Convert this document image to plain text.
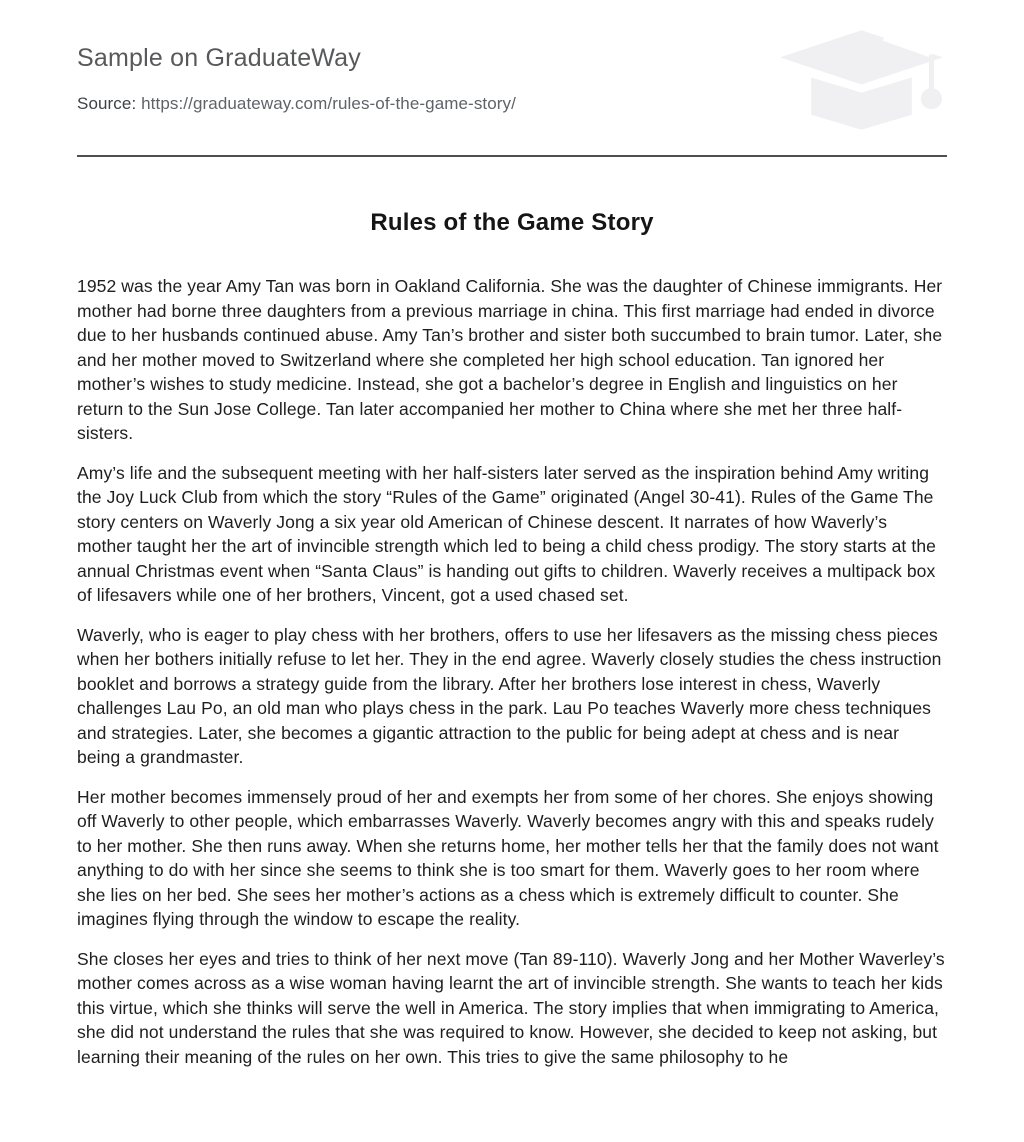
Sample on GraduateWay
Source: https://graduateway.com/rules-of-the-game-story/
Rules of the Game Story

1952 was the year Amy Tan was born in Oakland California. She was the daughter of Chinese immigrants. Her mother had borne three daughters from a previous marriage in china. This first marriage had ended in divorce due to her husbands continued abuse. Amy Tan’s brother and sister both succumbed to brain tumor. Later, she and her mother moved to Switzerland where she completed her high school education. Tan ignored her mother’s wishes to study medicine. Instead, she got a bachelor’s degree in English and linguistics on her return to the Sun Jose College. Tan later accompanied her mother to China where she met her three half-sisters.

Amy’s life and the subsequent meeting with her half-sisters later served as the inspiration behind Amy writing the Joy Luck Club from which the story “Rules of the Game” originated (Angel 30-41). Rules of the Game The story centers on Waverly Jong a six year old American of Chinese descent. It narrates of how Waverly’s mother taught her the art of invincible strength which led to being a child chess prodigy. The story starts at the annual Christmas event when “Santa Claus” is handing out gifts to children. Waverly receives a multipack box of lifesavers while one of her brothers, Vincent, got a used chased set.

Waverly, who is eager to play chess with her brothers, offers to use her lifesavers as the missing chess pieces when her bothers initially refuse to let her. They in the end agree. Waverly closely studies the chess instruction booklet and borrows a strategy guide from the library. After her brothers lose interest in chess, Waverly challenges Lau Po, an old man who plays chess in the park. Lau Po teaches Waverly more chess techniques and strategies. Later, she becomes a gigantic attraction to the public for being adept at chess and is near being a grandmaster.

Her mother becomes immensely proud of her and exempts her from some of her chores. She enjoys showing off Waverly to other people, which embarrasses Waverly. Waverly becomes angry with this and speaks rudely to her mother. She then runs away. When she returns home, her mother tells her that the family does not want anything to do with her since she seems to think she is too smart for them. Waverly goes to her room where she lies on her bed. She sees her mother’s actions as a chess which is extremely difficult to counter. She imagines flying through the window to escape the reality.

She closes her eyes and tries to think of her next move (Tan 89-110). Waverly Jong and her Mother Waverley’s mother comes across as a wise woman having learnt the art of invincible strength. She wants to teach her kids this virtue, which she thinks will serve the well in America. The story implies that when immigrating to America, she did not understand the rules that she was required to know. However, she decided to keep not asking, but learning their meaning of the rules on her own. This tries to give the same philosophy to he
